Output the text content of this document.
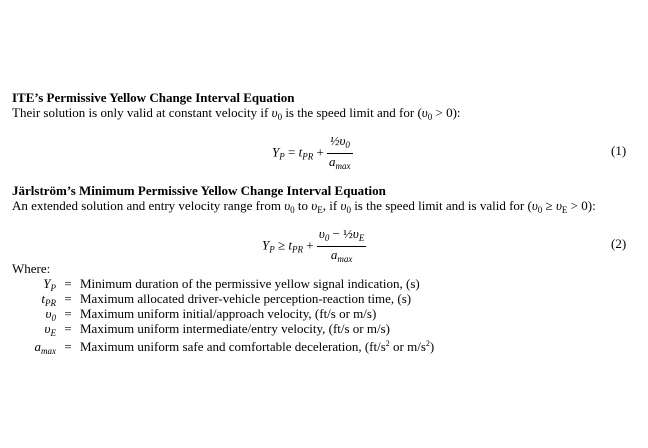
ITE’s Permissive Yellow Change Interval Equation
Their solution is only valid at constant velocity if $\upsilon_0$ is the speed limit and for $(\upsilon_0 > 0)$:
$Y_P = t_{PR} + \frac{\frac{1}{2}\upsilon_0}{a_{max}}$	(1)
Järlström’s Minimum Permissive Yellow Change Interval Equation
An extended solution and entry velocity range from $\upsilon_0$ to $\upsilon_E$, if $\upsilon_0$ is the speed limit and is valid for $(\upsilon_0 \ge \upsilon_E > 0)$:
$Y_P \ge t_{PR} + \frac{\upsilon_0 - \frac{1}{2}\upsilon_E}{a_{max}}$	(2)
Where:
$Y_P$ = Minimum duration of the permissive yellow signal indication, (s)
$t_{PR}$ = Maximum allocated driver-vehicle perception-reaction time, (s)
$\upsilon_0$ = Maximum uniform initial/approach velocity, (ft/s or m/s)
$\upsilon_E$ = Maximum uniform intermediate/entry velocity, (ft/s or m/s)
$a_{max}$ = Maximum uniform safe and comfortable deceleration, ($ft/s^2$ or $m/s^2$)
